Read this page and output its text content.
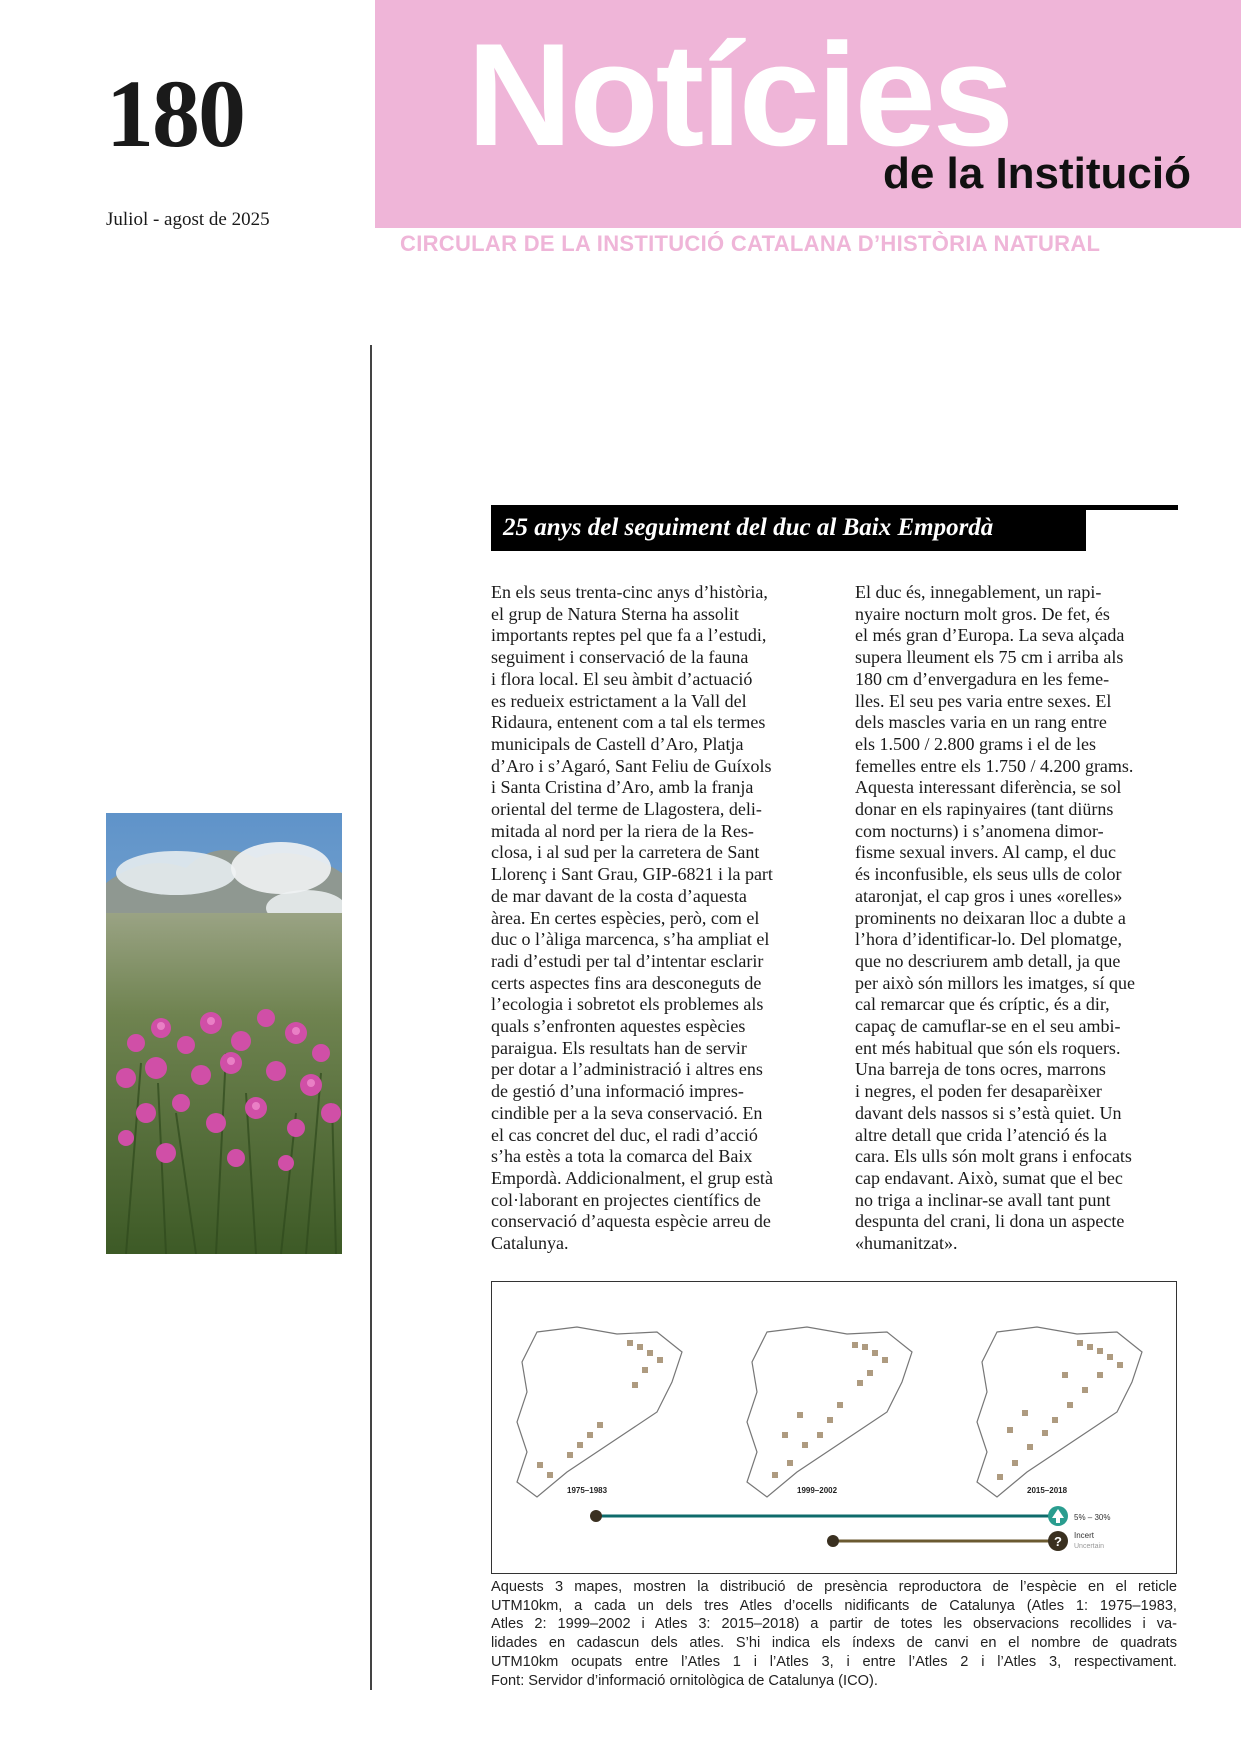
180
Juliol - agost de 2025
Notícies
de la Institució
CIRCULAR DE LA INSTITUCIÓ CATALANA D’HISTÒRIA NATURAL
25 anys del seguiment del duc al Baix Empordà
En els seus trenta-cinc anys d’història,
el grup de Natura Sterna ha assolit
importants reptes pel que fa a l’estudi,
seguiment i conservació de la fauna
i flora local. El seu àmbit d’actuació
es redueix estrictament a la Vall del
Ridaura, entenent com a tal els termes
municipals de Castell d’Aro, Platja
d’Aro i s’Agaró, Sant Feliu de Guíxols
i Santa Cristina d’Aro, amb la franja
oriental del terme de Llagostera, deli-
mitada al nord per la riera de la Res-
closa, i al sud per la carretera de Sant
Llorenç i Sant Grau, GIP-6821 i la part
de mar davant de la costa d’aquesta
àrea. En certes espècies, però, com el
duc o l’àliga marcenca, s’ha ampliat el
radi d’estudi per tal d’intentar esclarir
certs aspectes fins ara desconeguts de
l’ecologia i sobretot els problemes als
quals s’enfronten aquestes espècies
paraigua. Els resultats han de servir
per dotar a l’administració i altres ens
de gestió d’una informació impres-
cindible per a la seva conservació. En
el cas concret del duc, el radi d’acció
s’ha estès a tota la comarca del Baix
Empordà. Addicionalment, el grup està
col·laborant en projectes científics de
conservació d’aquesta espècie arreu de
Catalunya.
El duc és, innegablement, un rapi-
nyaire nocturn molt gros. De fet, és
el més gran d’Europa. La seva alçada
supera lleument els 75 cm i arriba als
180 cm d’envergadura en les feme-
lles. El seu pes varia entre sexes. El
dels mascles varia en un rang entre
els 1.500 / 2.800 grams i el de les
femelles entre els 1.750 / 4.200 grams.
Aquesta interessant diferència, se sol
donar en els rapinyaires (tant diürns
com nocturns) i s’anomena dimor-
fisme sexual invers. Al camp, el duc
és inconfusible, els seus ulls de color
ataronjat, el cap gros i unes «orelles»
prominents no deixaran lloc a dubte a
l’hora d’identificar-lo. Del plomatge,
que no descriurem amb detall, ja que
per això són millors les imatges, sí que
cal remarcar que és críptic, és a dir,
capaç de camuflar-se en el seu ambi-
ent més habitual que són els roquers.
Una barreja de tons ocres, marrons
i negres, el poden fer desaparèixer
davant dels nassos si s’està quiet. Un
altre detall que crida l’atenció és la
cara. Els ulls són molt grans i enfocats
cap endavant. Això, sumat que el bec
no triga a inclinar-se avall tant punt
despunta del crani, li dona un aspecte
«humanitzat».
1975–1983	1999–2002	2015–2018
?
5% – 30%
Incert
Uncertain
Aquests 3 mapes, mostren la distribució de presència reproductora de l’espècie en el reticle
UTM10km, a cada un dels tres Atles d’ocells nidificants de Catalunya (Atles 1: 1975–1983,
Atles 2: 1999–2002 i Atles 3: 2015–2018) a partir de totes les observacions recollides i va-
lidades en cadascun dels atles. S’hi indica els índexs de canvi en el nombre de quadrats
UTM10km ocupats entre l’Atles 1 i l’Atles 3, i entre l’Atles 2 i l’Atles 3, respectivament.
Font: Servidor d’informació ornitològica de Catalunya (ICO).
